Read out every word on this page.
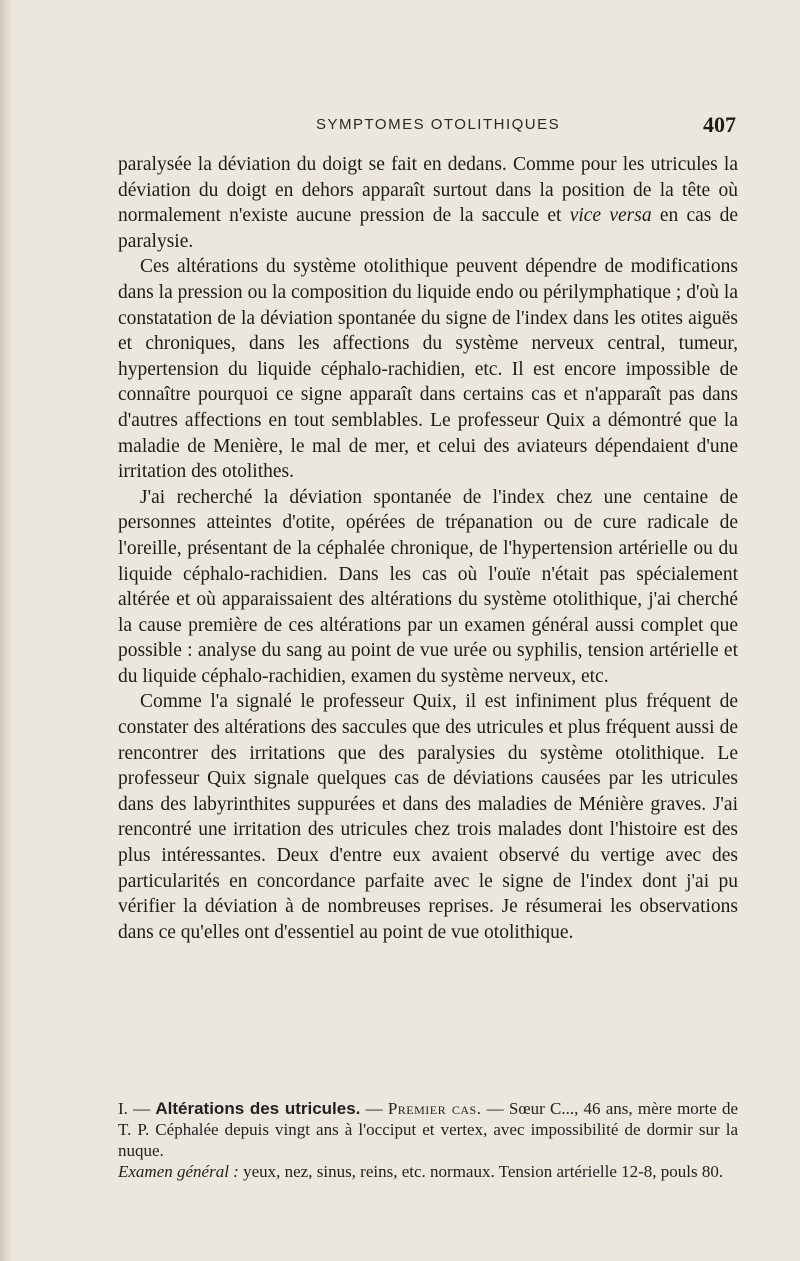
SYMPTOMES OTOLITHIQUES	407

paralysée la déviation du doigt se fait en dedans. Comme pour les utricules la déviation du doigt en dehors apparaît surtout dans la position de la tête où normalement n'existe aucune pression de la saccule et vice versa en cas de paralysie.

Ces altérations du système otolithique peuvent dépendre de modifications dans la pression ou la composition du liquide endo ou périlymphatique ; d'où la constatation de la déviation spontanée du signe de l'index dans les otites aiguës et chroniques, dans les affections du système nerveux central, tumeur, hypertension du liquide céphalo-rachidien, etc. Il est encore impossible de connaître pourquoi ce signe apparaît dans certains cas et n'apparaît pas dans d'autres affections en tout semblables. Le professeur Quix a démontré que la maladie de Menière, le mal de mer, et celui des aviateurs dépendaient d'une irritation des otolithes.

J'ai recherché la déviation spontanée de l'index chez une centaine de personnes atteintes d'otite, opérées de trépanation ou de cure radicale de l'oreille, présentant de la céphalée chronique, de l'hypertension artérielle ou du liquide céphalo-rachidien. Dans les cas où l'ouïe n'était pas spécialement altérée et où apparaissaient des altérations du système otolithique, j'ai cherché la cause première de ces altérations par un examen général aussi complet que possible : analyse du sang au point de vue urée ou syphilis, tension artérielle et du liquide céphalo-rachidien, examen du système nerveux, etc.

Comme l'a signalé le professeur Quix, il est infiniment plus fréquent de constater des altérations des saccules que des utricules et plus fréquent aussi de rencontrer des irritations que des paralysies du système otolithique. Le professeur Quix signale quelques cas de déviations causées par les utricules dans des labyrinthites suppurées et dans des maladies de Ménière graves. J'ai rencontré une irritation des utricules chez trois malades dont l'histoire est des plus intéressantes. Deux d'entre eux avaient observé du vertige avec des particularités en concordance parfaite avec le signe de l'index dont j'ai pu vérifier la déviation à de nombreuses reprises. Je résumerai les observations dans ce qu'elles ont d'essentiel au point de vue otolithique.

I. — Altérations des utricules. — Premier cas. — Sœur C..., 46 ans, mère morte de T. P. Céphalée depuis vingt ans à l'occiput et vertex, avec impossibilité de dormir sur la nuque.

Examen général : yeux, nez, sinus, reins, etc. normaux. Tension artérielle 12-8, pouls 80.
